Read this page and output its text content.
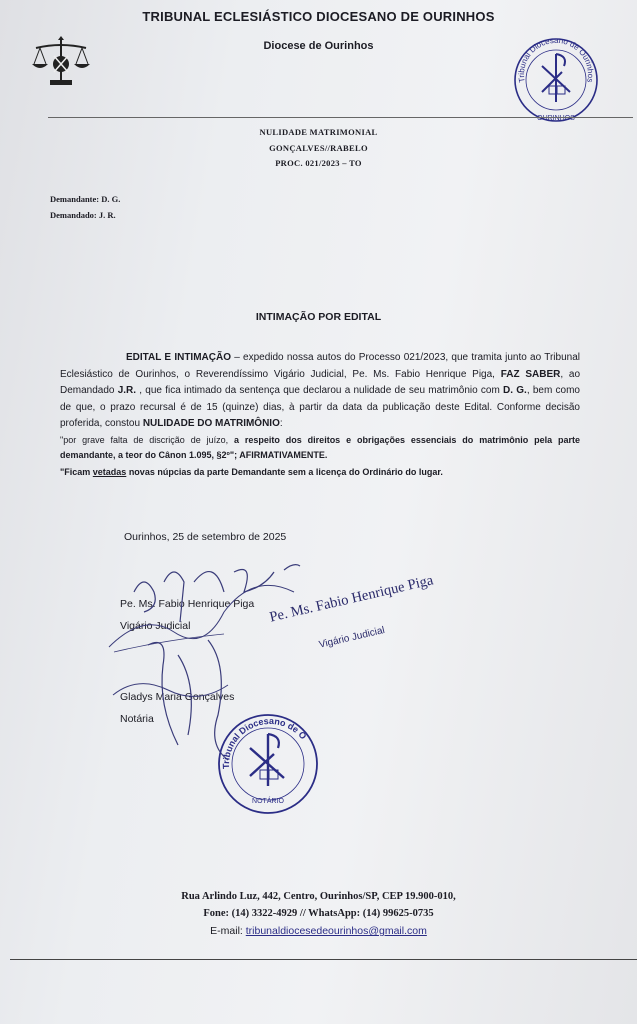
TRIBUNAL ECLESIÁSTICO DIOCESANO DE OURINHOS
Diocese de Ourinhos
Tribunal Diocesano de Ourinhos
OURINHOS
NULIDADE MATRIMONIAL
GONÇALVES//RABELO
PROC. 021/2023 – TO
Demandante: D. G.
Demandado: J. R.
INTIMAÇÃO POR EDITAL

EDITAL E INTIMAÇÃO – expedido nossa autos do Processo 021/2023, que tramita junto ao Tribunal Eclesiástico de Ourinhos, o Reverendíssimo Vigário Judicial, Pe. Ms. Fabio Henrique Piga, FAZ SABER, ao Demandado J.R. , que fica intimado da sentença que declarou a nulidade de seu matrimônio com D. G., bem como de que, o prazo recursal é de 15 (quinze) dias, à partir da data da publicação deste Edital. Conforme decisão proferida, constou NULIDADE DO MATRIMÔNIO:

"por grave falta de discrição de juízo, a respeito dos direitos e obrigações essenciais do matrimônio pela parte demandante, a teor do Cânon 1.095, §2º"; AFIRMATIVAMENTE.

"Ficam vetadas novas núpcias da parte Demandante sem a licença do Ordinário do lugar.

Ourinhos, 25 de setembro de 2025
Pe. Ms. Fabio Henrique Piga
Vigário Judicial
Pe. Ms. Fabio Henrique Piga
Vigário Judicial
Gladys Maria Gonçalves
Notária
Tribunal Diocesano de O
NOTÁRIO
Rua Arlindo Luz, 442, Centro, Ourinhos/SP, CEP 19.900-010,
Fone: (14) 3322-4929 // WhatsApp: (14) 99625-0735
E-mail: tribunaldiocesedeourinhos@gmail.com
